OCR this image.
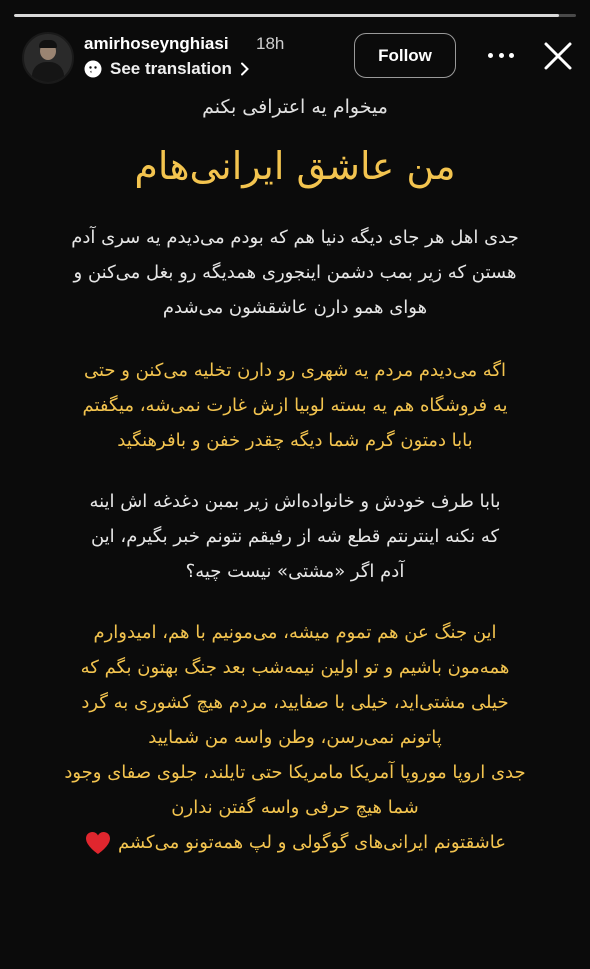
amirhoseynghiasi 18h
See translation
Follow
میخوام یه اعترافی بکنم
من عاشق ایرانی‌هام
جدی اهل هر جای دیگه دنیا هم که بودم می‌دیدم یه سری آدم
هستن که زیر بمب دشمن اینجوری همدیگه رو بغل می‌کنن و
هوای همو دارن عاشقشون می‌شدم
اگه می‌دیدم مردم یه شهری رو دارن تخلیه می‌کنن و حتی
یه فروشگاه هم یه بسته لوبیا ازش غارت نمی‌شه، میگفتم
بابا دمتون گرم شما دیگه چقدر خفن و بافرهنگید
بابا طرف خودش و خانواده‌اش زیر بمبن دغدغه اش اینه
که نکنه اینترنتم قطع شه از رفیقم نتونم خبر بگیرم، این
آدم اگر «مشتی» نیست چیه؟
این جنگ عن هم تموم میشه، می‌مونیم با هم، امیدوارم
همه‌مون باشیم و تو اولین نیمه‌شب بعد جنگ بهتون بگم که
خیلی مشتی‌اید، خیلی با صفایید، مردم هیچ کشوری به گرد
پاتونم نمی‌رسن، وطن واسه من شمایید
جدی اروپا موروپا آمریکا مامریکا حتی تایلند، جلوی صفای وجود
شما هیچ حرفی واسه گفتن ندارن
عاشقتونم ایرانی‌های گوگولی و لپ همه‌تونو می‌کشم
